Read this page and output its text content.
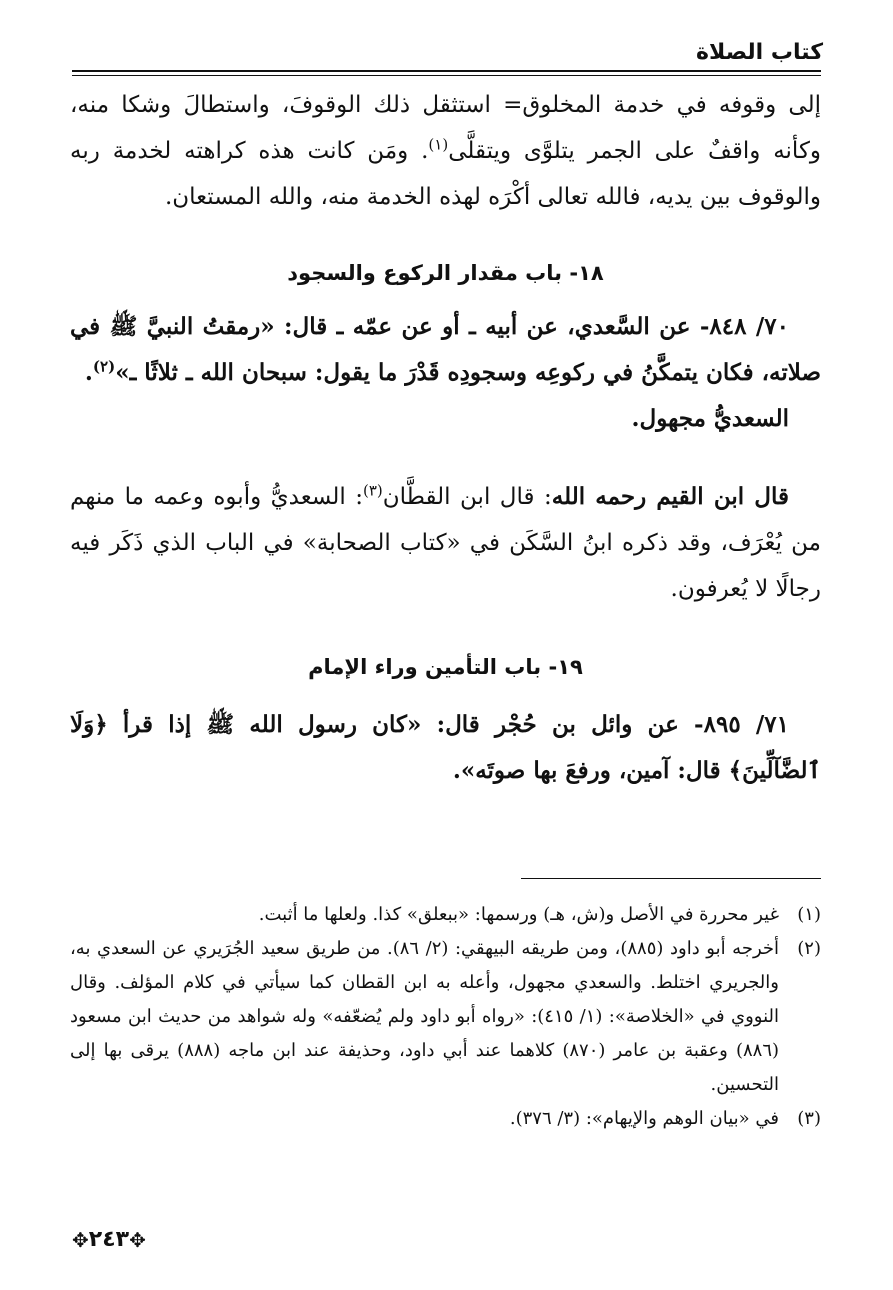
كتاب الصلاة

إلى وقوفه في خدمة المخلوق= استثقل ذلك الوقوفَ، واستطالَ وشكا منه، وكأنه واقفٌ على الجمر يتلوَّى ويتقلَّى$^{(١)}$. ومَن كانت هذه كراهته لخدمة ربه والوقوف بين يديه، فالله تعالى أكْرَه لهذه الخدمة منه، والله المستعان.

١٨- باب مقدار الركوع والسجود

٧٠/ ٨٤٨- عن السَّعدي، عن أبيه ـ أو عن عمّه ـ قال: «رمقتُ النبيَّ ﷺ في صلاته، فكان يتمكَّنُ في ركوعِه وسجودِه قَدْرَ ما يقول: سبحان الله ـ ثلاثًا ـ»$^{(٢)}$.

السعديُّ مجهول.

قال ابن القيم رحمه الله: قال ابن القطَّان$^{(٣)}$: السعديُّ وأبوه وعمه ما منهم من يُعْرَف، وقد ذكره ابنُ السَّكَن في «كتاب الصحابة» في الباب الذي ذَكَر فيه رجالًا لا يُعرفون.

١٩- باب التأمين وراء الإمام

٧١/ ٨٩٥- عن وائل بن حُجْر قال: «كان رسول الله ﷺ إذا قرأ ﴿وَلَا ٱلضَّآلِّينَ﴾ قال: آمين، ورفعَ بها صوتَه».

(١)
غير محررة في الأصل و(ش، هـ) ورسمها: «ببعلق» كذا. ولعلها ما أثبت.
(٢)
أخرجه أبو داود (٨٨٥)، ومن طريقه البيهقي: (٢/ ٨٦). من طريق سعيد الجُرَيري عن السعدي به، والجريري اختلط. والسعدي مجهول، وأعله به ابن القطان كما سيأتي في كلام المؤلف. وقال النووي في «الخلاصة»: (١/ ٤١٥): «رواه أبو داود ولم يُضعّفه» وله شواهد من حديث ابن مسعود (٨٨٦) وعقبة بن عامر (٨٧٠) كلاهما عند أبي داود، وحذيفة عند ابن ماجه (٨٨٨) يرقى بها إلى التحسين.
(٣)
في «بيان الوهم والإيهام»: (٣/ ٣٧٦).
✥٢٤٣✥
